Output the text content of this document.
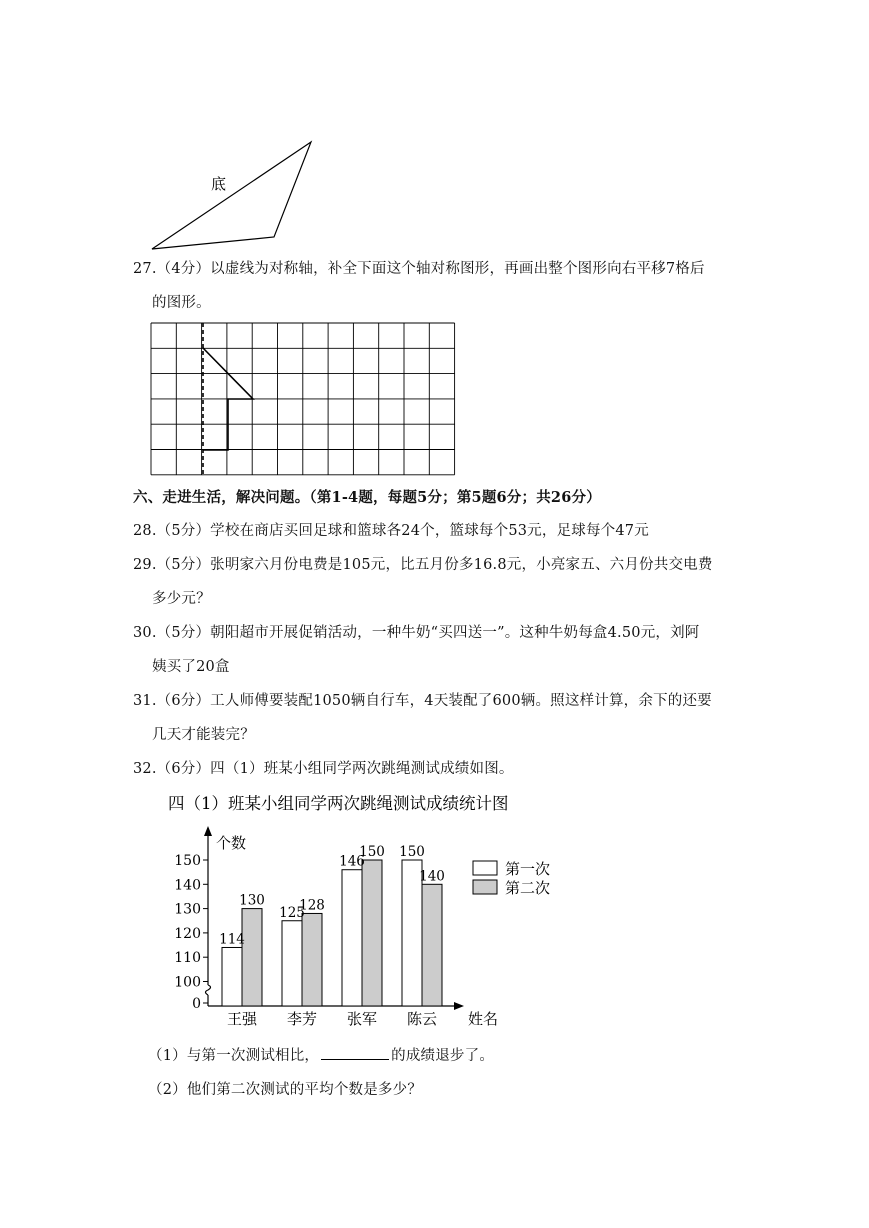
底
27.（4分）以虚线为对称轴，补全下面这个轴对称图形，再画出整个图形向右平移7格后
的图形。
六、走进生活，解决问题。（第1-4题，每题5分；第5题6分；共26分）
28.（5分）学校在商店买回足球和篮球各24个，篮球每个53元，足球每个47元
29.（5分）张明家六月份电费是105元，比五月份多16.8元，小亮家五、六月份共交电费
多少元？
30.（5分）朝阳超市开展促销活动，一种牛奶“买四送一”。这种牛奶每盒4.50元，刘阿
姨买了20盒
31.（6分）工人师傅要装配1050辆自行车，4天装配了600辆。照这样计算，余下的还要
几天才能装完？
32.（6分）四（1）班某小组同学两次跳绳测试成绩如图。
四（1）班某小组同学两次跳绳测试成绩统计图
个数
姓名
150
140
130
120
110
100
0
114
130
王强
125
128
李芳
146
150
张军
150
140
陈云
第一次
第二次
（1）与第一次测试相比，	的成绩退步了。
（2）他们第二次测试的平均个数是多少？
